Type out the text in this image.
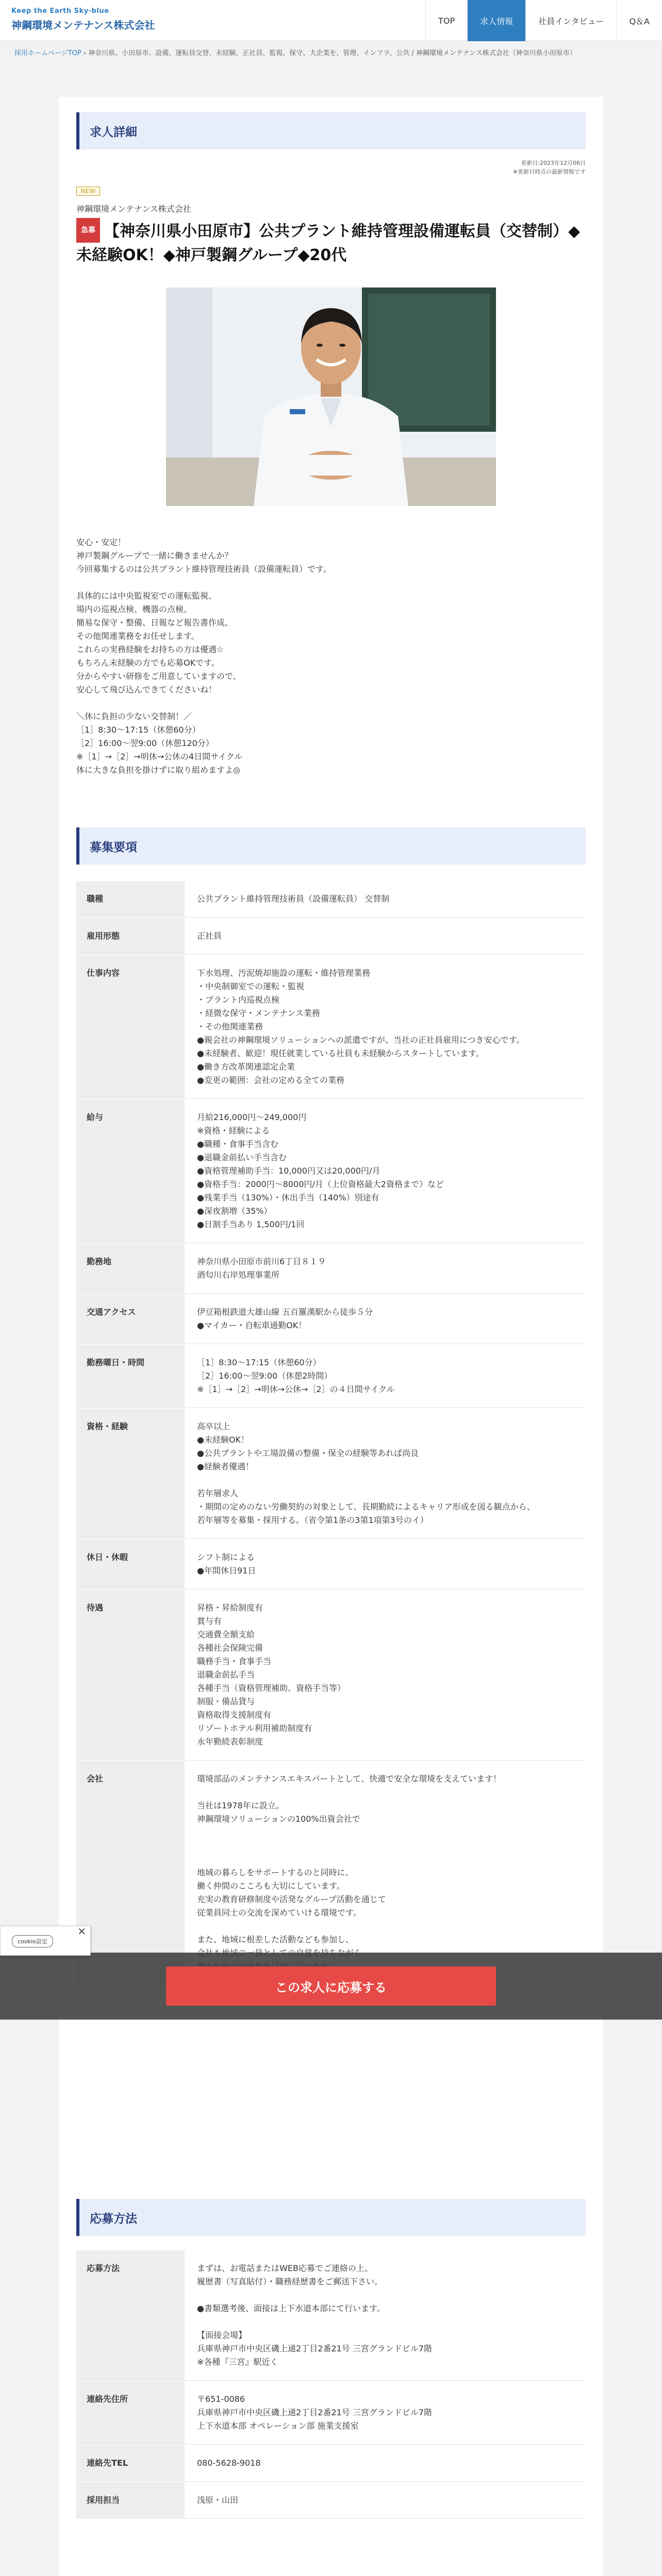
Keep the Earth Sky-blue
神鋼環境メンテナンス株式会社	TOP	求人情報	社員インタビュー	Q＆A
採用ホームページTOP › 神奈川県、小田原市、設備、運転員交替、未経験、正社員、監視、保守、大企業を、管理、インフラ、公共 / 神鋼環境メンテナンス株式会社（神奈川県小田原市）
求人詳細
更新日:2023年12月06日
※更新日時点の最新情報です
NEW
神鋼環境メンテナンス株式会社
急募 【神奈川県小田原市】公共プラント維持管理設備運転員（交替制）◆未経験OK！◆神戸製鋼グループ◆20代
安心・安定！
神戸製鋼グループで一緒に働きませんか？
今回募集するのは公共プラント維持管理技術員（設備運転員）です。

具体的には中央監視室での運転監視、
場内の巡視点検、機器の点検、
簡易な保守・整備、日報など報告書作成、
その他関連業務をお任せします。
これらの実務経験をお持ちの方は優遇☆
もちろん未経験の方でも応募OKです。
分からやすい研修をご用意していますので、
安心して飛び込んできてくださいね！

＼休に負担の少ない交替制！／
［1］8:30〜17:15（休憩60分）
［2］16:00〜翌9:00（休憩120分）
※［1］→［2］→明休→公休の4日間サイクル
体に大きな負担を掛けずに取り組めますよ◎
募集要項
職種	公共プラント維持管理技術員（設備運転員） 交替制
雇用形態	正社員
仕事内容	下水処理、汚泥焼却施設の運転・維持管理業務
・中央制御室での運転・監視
・プラント内巡視点検
・経微な保守・メンテナンス業務
・その他関連業務
●親会社の神鋼環境ソリューションへの派遣ですが、当社の正社員雇用につき安心です。
●未経験者、歓迎！現任就業している社員も未経験からスタートしています。
●働き方改革関連認定企業
●変更の範囲：会社の定める全ての業務
給与	月給216,000円〜249,000円
※資格・経験による
●職種・食事手当含む
●退職金前払い手当含む
●資格管理補助手当：10,000円又は20,000円/月
●資格手当：2000円〜8000円/月（上位資格最大2資格まで）など
●残業手当（130%）・休出手当（140%）別途有
●深夜割増（35%）
●日割手当あり 1,500円/1回
勤務地	神奈川県小田原市前川6丁目８１９
酒匂川右岸処理事業所
交通アクセス	伊豆箱根鉄道大雄山線 五百羅漢駅から徒歩５分
●マイカー・自転車通勤OK！
勤務曜日・時間	［1］8:30〜17:15（休憩60分）
［2］16:00〜翌9:00（休憩2時間）
※［1］→［2］→明休→公休→［2］の４日間サイクル
資格・経験	高卒以上
●未経験OK！
●公共プラントや工場設備の整備・保全の経験等あれば尚良
●経験者優遇！

若年層求人
・期間の定めのない労働契約の対象として、長期勤続によるキャリア形成を図る観点から、
若年層等を募集・採用する。（省令第1条の3第1項第3号のイ）
休日・休暇	シフト制による
●年間休日91日
待遇	昇格・昇給制度有
賞与有
交通費全額支給
各種社会保険完備
職務手当・食事手当
退職金前払手当
各種手当（資格管理補助、資格手当等）
制服・備品貸与
資格取得支援制度有
リゾートホテル利用補助制度有
永年勤続表彰制度
会社	環境部品のメンテナンスエキスパートとして、快適で安全な環境を支えています！

当社は1978年に設立。
神鋼環境ソリューションの100%出資会社で

地域の暮らしをサポートするのと同時に、
働く仲間のこころも大切にしています。
充実の教育研修制度や活発なグループ活動を通じて
従業員同士の交流を深めていける環境です。

また、地域に根差した活動なども参加し、

応募方法
応募方法	まずは、お電話またはWEB応募でご連絡の上、
履歴書（写真貼付）・職務経歴書をご郵送下さい。

●書類選考後、面接は上下水道本部にて行います。

【面接会場】
兵庫県神戸市中央区磯上通2丁目2番21号 三宮グランドビル7階
※各種『三宮』駅近く
連絡先住所	〒651-0086
兵庫県神戸市中央区磯上通2丁目2番21号 三宮グランドビル7階
上下水道本部 オペレーション部 施業支援室
連絡先TEL	080-5628-9018
採用担当	浅原・山田
この求人に応募する
cookie設定
×
